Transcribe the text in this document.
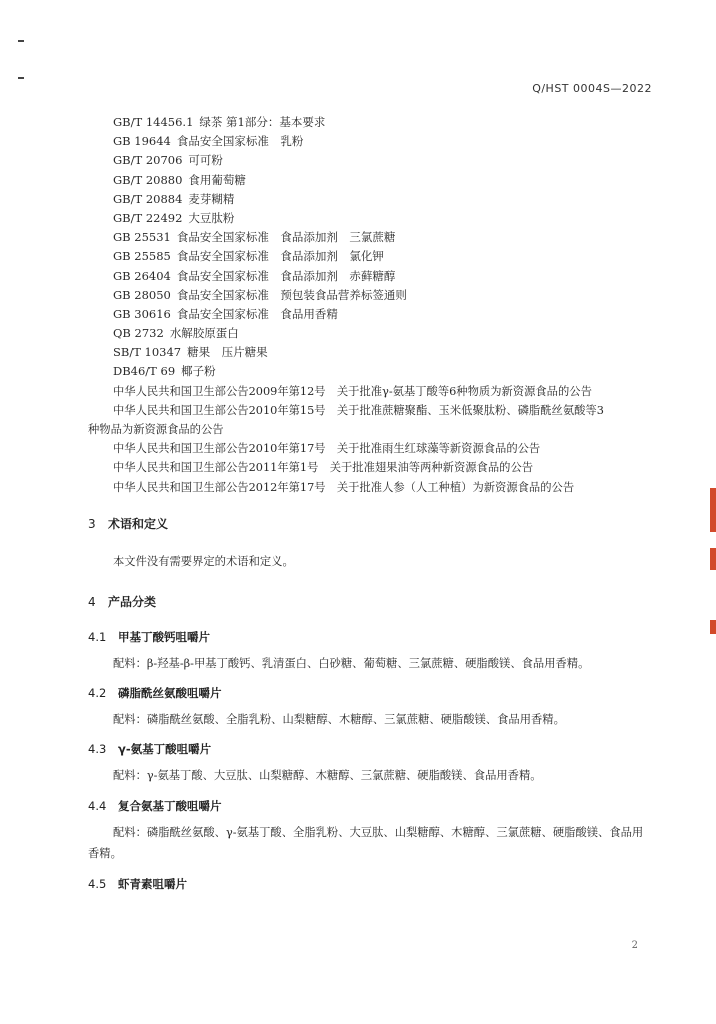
Q/HST 0004S—2022
GB/T 14456.1 绿茶 第1部分：基本要求
GB 19644 食品安全国家标准　乳粉
GB/T 20706 可可粉
GB/T 20880 食用葡萄糖
GB/T 20884 麦芽糊精
GB/T 22492 大豆肽粉
GB 25531 食品安全国家标准　食品添加剂　三氯蔗糖
GB 25585 食品安全国家标准　食品添加剂　氯化钾
GB 26404 食品安全国家标准　食品添加剂　赤藓糖醇
GB 28050 食品安全国家标准　预包装食品营养标签通则
GB 30616 食品安全国家标准　食品用香精
QB 2732 水解胶原蛋白
SB/T 10347 糖果　压片糖果
DB46/T 69 椰子粉
中华人民共和国卫生部公告2009年第12号　关于批准γ-氨基丁酸等6种物质为新资源食品的公告
中华人民共和国卫生部公告2010年第15号　关于批准蔗糖聚酯、玉米低聚肽粉、磷脂酰丝氨酸等3
种物品为新资源食品的公告
中华人民共和国卫生部公告2010年第17号　关于批准雨生红球藻等新资源食品的公告
中华人民共和国卫生部公告2011年第1号　关于批准翅果油等两种新资源食品的公告
中华人民共和国卫生部公告2012年第17号　关于批准人参（人工种植）为新资源食品的公告
3 术语和定义
本文件没有需要界定的术语和定义。
4 产品分类
4.1 甲基丁酸钙咀嚼片
配料：β-羟基-β-甲基丁酸钙、乳清蛋白、白砂糖、葡萄糖、三氯蔗糖、硬脂酸镁、食品用香精。
4.2 磷脂酰丝氨酸咀嚼片
配料：磷脂酰丝氨酸、全脂乳粉、山梨糖醇、木糖醇、三氯蔗糖、硬脂酸镁、食品用香精。
4.3 γ-氨基丁酸咀嚼片
配料：γ-氨基丁酸、大豆肽、山梨糖醇、木糖醇、三氯蔗糖、硬脂酸镁、食品用香精。
4.4 复合氨基丁酸咀嚼片
配料：磷脂酰丝氨酸、γ-氨基丁酸、全脂乳粉、大豆肽、山梨糖醇、木糖醇、三氯蔗糖、硬脂酸镁、食品用香精。
4.5 虾青素咀嚼片
2
